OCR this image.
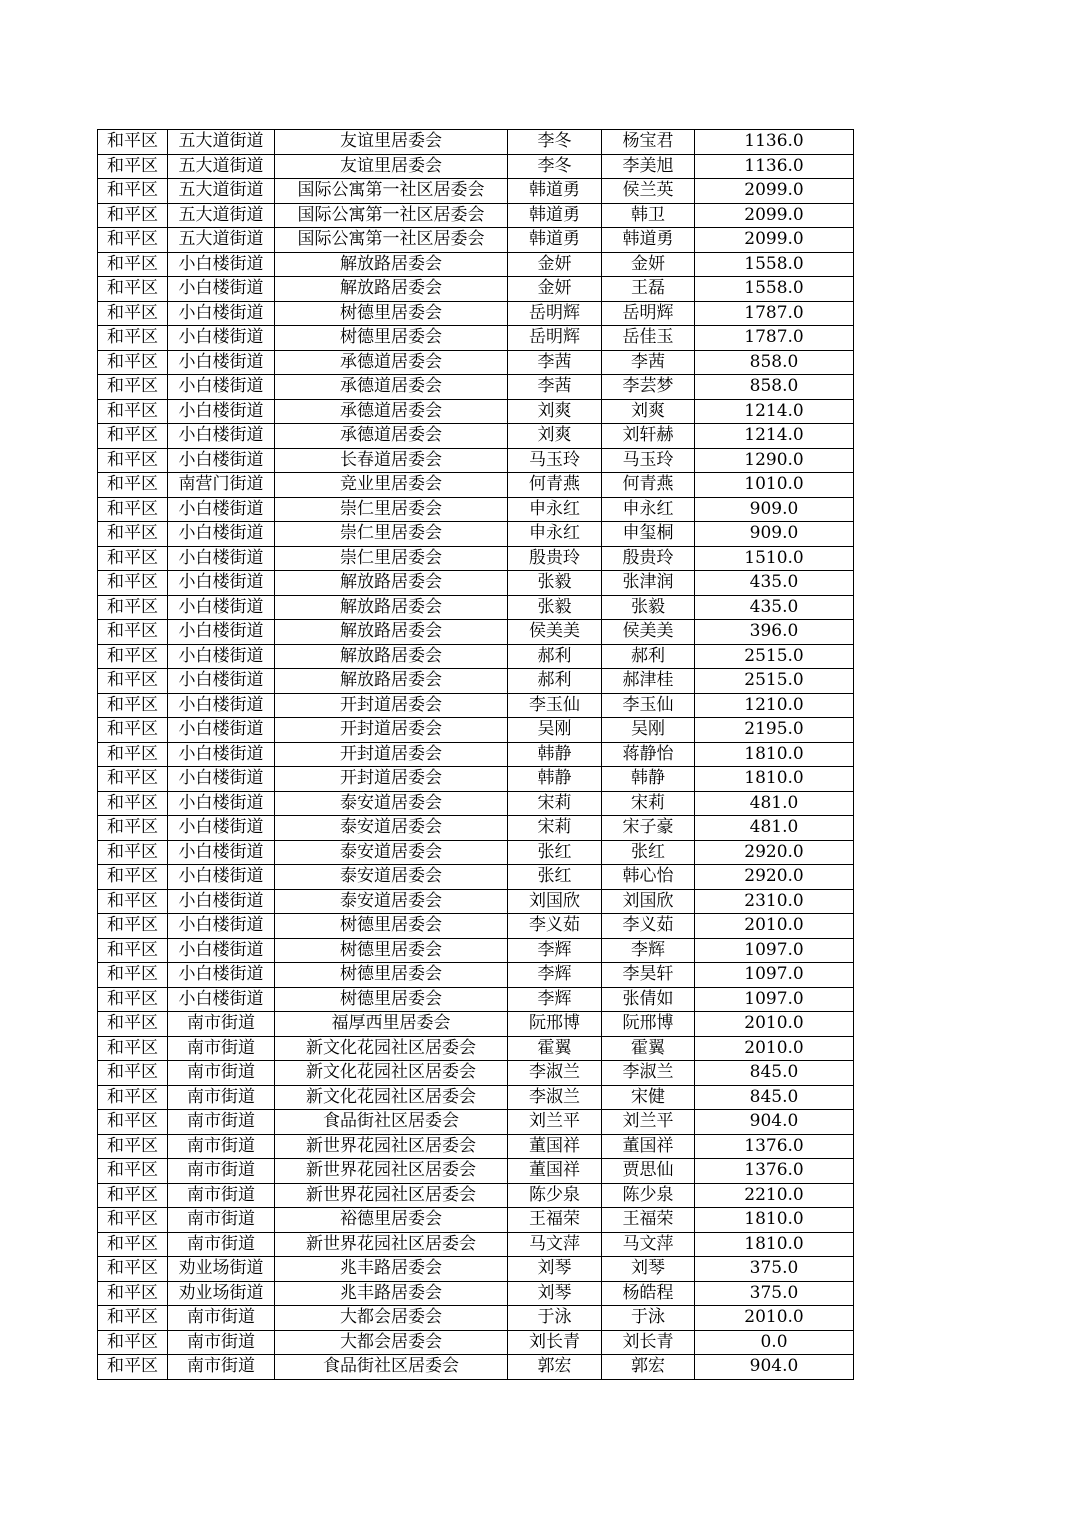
和平区	五大道街道	友谊里居委会	李冬	杨宝君	1136.0
和平区	五大道街道	友谊里居委会	李冬	李美旭	1136.0
和平区	五大道街道	国际公寓第一社区居委会	韩道勇	侯兰英	2099.0
和平区	五大道街道	国际公寓第一社区居委会	韩道勇	韩卫	2099.0
和平区	五大道街道	国际公寓第一社区居委会	韩道勇	韩道勇	2099.0
和平区	小白楼街道	解放路居委会	金妍	金妍	1558.0
和平区	小白楼街道	解放路居委会	金妍	王磊	1558.0
和平区	小白楼街道	树德里居委会	岳明辉	岳明辉	1787.0
和平区	小白楼街道	树德里居委会	岳明辉	岳佳玉	1787.0
和平区	小白楼街道	承德道居委会	李茜	李茜	858.0
和平区	小白楼街道	承德道居委会	李茜	李芸梦	858.0
和平区	小白楼街道	承德道居委会	刘爽	刘爽	1214.0
和平区	小白楼街道	承德道居委会	刘爽	刘轩赫	1214.0
和平区	小白楼街道	长春道居委会	马玉玲	马玉玲	1290.0
和平区	南营门街道	竞业里居委会	何青燕	何青燕	1010.0
和平区	小白楼街道	崇仁里居委会	申永红	申永红	909.0
和平区	小白楼街道	崇仁里居委会	申永红	申玺桐	909.0
和平区	小白楼街道	崇仁里居委会	殷贵玲	殷贵玲	1510.0
和平区	小白楼街道	解放路居委会	张毅	张津润	435.0
和平区	小白楼街道	解放路居委会	张毅	张毅	435.0
和平区	小白楼街道	解放路居委会	侯美美	侯美美	396.0
和平区	小白楼街道	解放路居委会	郝利	郝利	2515.0
和平区	小白楼街道	解放路居委会	郝利	郝津桂	2515.0
和平区	小白楼街道	开封道居委会	李玉仙	李玉仙	1210.0
和平区	小白楼街道	开封道居委会	吴刚	吴刚	2195.0
和平区	小白楼街道	开封道居委会	韩静	蒋静怡	1810.0
和平区	小白楼街道	开封道居委会	韩静	韩静	1810.0
和平区	小白楼街道	泰安道居委会	宋莉	宋莉	481.0
和平区	小白楼街道	泰安道居委会	宋莉	宋子豪	481.0
和平区	小白楼街道	泰安道居委会	张红	张红	2920.0
和平区	小白楼街道	泰安道居委会	张红	韩心怡	2920.0
和平区	小白楼街道	泰安道居委会	刘国欣	刘国欣	2310.0
和平区	小白楼街道	树德里居委会	李义茹	李义茹	2010.0
和平区	小白楼街道	树德里居委会	李辉	李辉	1097.0
和平区	小白楼街道	树德里居委会	李辉	李昊轩	1097.0
和平区	小白楼街道	树德里居委会	李辉	张倩如	1097.0
和平区	南市街道	福厚西里居委会	阮邢博	阮邢博	2010.0
和平区	南市街道	新文化花园社区居委会	霍翼	霍翼	2010.0
和平区	南市街道	新文化花园社区居委会	李淑兰	李淑兰	845.0
和平区	南市街道	新文化花园社区居委会	李淑兰	宋健	845.0
和平区	南市街道	食品街社区居委会	刘兰平	刘兰平	904.0
和平区	南市街道	新世界花园社区居委会	董国祥	董国祥	1376.0
和平区	南市街道	新世界花园社区居委会	董国祥	贾思仙	1376.0
和平区	南市街道	新世界花园社区居委会	陈少泉	陈少泉	2210.0
和平区	南市街道	裕德里居委会	王福荣	王福荣	1810.0
和平区	南市街道	新世界花园社区居委会	马文萍	马文萍	1810.0
和平区	劝业场街道	兆丰路居委会	刘琴	刘琴	375.0
和平区	劝业场街道	兆丰路居委会	刘琴	杨皓程	375.0
和平区	南市街道	大都会居委会	于泳	于泳	2010.0
和平区	南市街道	大都会居委会	刘长青	刘长青	0.0
和平区	南市街道	食品街社区居委会	郭宏	郭宏	904.0
